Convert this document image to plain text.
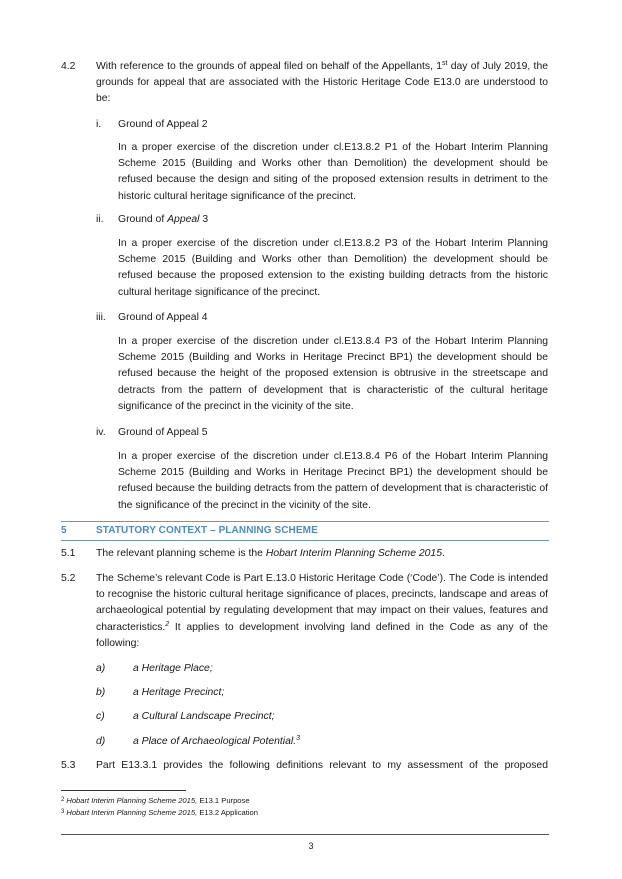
4.2 With reference to the grounds of appeal filed on behalf of the Appellants, 1st day of July 2019, the grounds for appeal that are associated with the Historic Heritage Code E13.0 are understood to be:
i. Ground of Appeal 2
In a proper exercise of the discretion under cl.E13.8.2 P1 of the Hobart Interim Planning Scheme 2015 (Building and Works other than Demolition) the development should be refused because the design and siting of the proposed extension results in detriment to the historic cultural heritage significance of the precinct.
ii. Ground of Appeal 3
In a proper exercise of the discretion under cl.E13.8.2 P3 of the Hobart Interim Planning Scheme 2015 (Building and Works other than Demolition) the development should be refused because the proposed extension to the existing building detracts from the historic cultural heritage significance of the precinct.
iii. Ground of Appeal 4
In a proper exercise of the discretion under cl.E13.8.4 P3 of the Hobart Interim Planning Scheme 2015 (Building and Works in Heritage Precinct BP1) the development should be refused because the height of the proposed extension is obtrusive in the streetscape and detracts from the pattern of development that is characteristic of the cultural heritage significance of the precinct in the vicinity of the site.
iv. Ground of Appeal 5
In a proper exercise of the discretion under cl.E13.8.4 P6 of the Hobart Interim Planning Scheme 2015 (Building and Works in Heritage Precinct BP1) the development should be refused because the building detracts from the pattern of development that is characteristic of the significance of the precinct in the vicinity of the site.
5	STATUTORY CONTEXT – PLANNING SCHEME
5.1 The relevant planning scheme is the Hobart Interim Planning Scheme 2015.
5.2 The Scheme’s relevant Code is Part E.13.0 Historic Heritage Code (‘Code’). The Code is intended to recognise the historic cultural heritage significance of places, precincts, landscape and areas of archaeological potential by regulating development that may impact on their values, features and characteristics.$^2$ It applies to development involving land defined in the Code as any of the following:
a)	a Heritage Place;
b)	a Heritage Precinct;
c)	a Cultural Landscape Precinct;
d)	a Place of Archaeological Potential.$^3$
5.3 Part E13.3.1 provides the following definitions relevant to my assessment of the proposed
$^2$ Hobart Interim Planning Scheme 2015, E13.1 Purpose
$^3$ Hobart Interim Planning Scheme 2015, E13.2 Application
3
